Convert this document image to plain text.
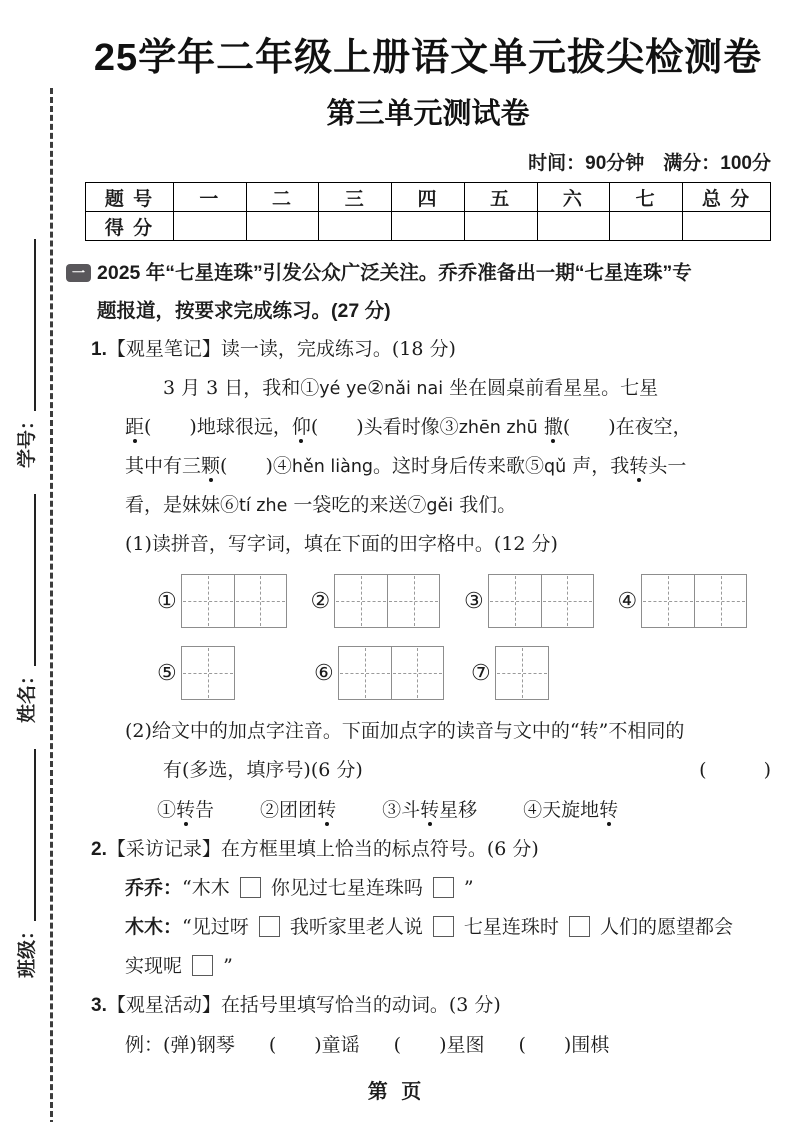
班级：
姓名：
学号：
25学年二年级上册语文单元拔尖检测卷
第三单元测试卷
时间：90分钟　满分：100分
题 号	一	二	三	四	五	六	七	总 分
得 分								
一 2025 年“七星连珠”引发公众广泛关注。乔乔准备出一期“七星连珠”专
题报道，按要求完成练习。(27 分)
1.【观星笔记】读一读，完成练习。(18 分)
3 月 3 日，我和①yé ye②nǎi nai 坐在圆桌前看星星。七星
距(　　)地球很远，仰(　　)头看时像③zhēn zhū 撒(　　)在夜空，
其中有三颗(　　)④hěn liàng。这时身后传来歌⑤qǔ 声，我转头一
看，是妹妹⑥tí zhe 一袋吃的来送⑦gěi 我们。
(1)读拼音，写字词，填在下面的田字格中。(12 分)
①	②	③	④
⑤	⑥	⑦
(2)给文中的加点字注音。下面加点字的读音与文中的“转”不相同的
有(多选，填序号)(6 分)	(　　　)
①转告 ②团团转 ③斗转星移 ④天旋地转
2.【采访记录】在方框里填上恰当的标点符号。(6 分)
乔乔：“木木  你见过七星连珠吗  ”
木木：“见过呀  我听家里老人说  七星连珠时  人们的愿望都会
实现呢  ”
3.【观星活动】在括号里填写恰当的动词。(3 分)
例：(弹)钢琴 (　　)童谣 (　　)星图 (　　)围棋
第 页
